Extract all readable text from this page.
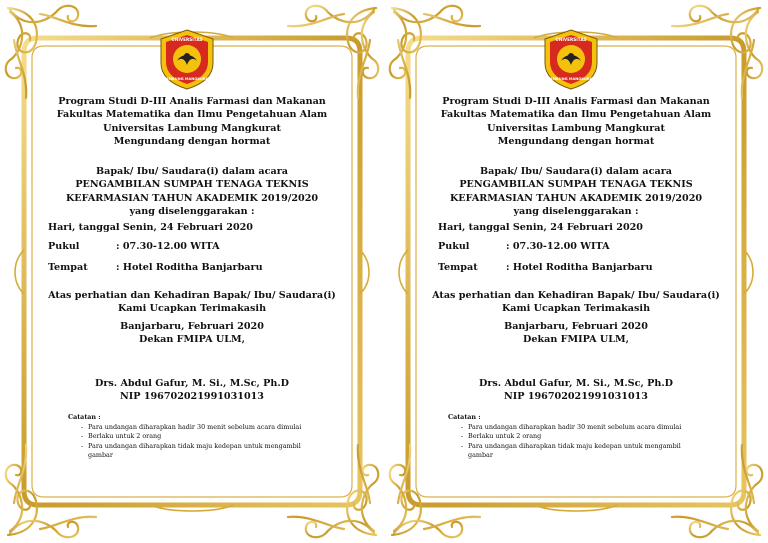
UNIVERSITAS
LAMBUNG MANGKURAT
Program Studi D-III Analis Farmasi dan Makanan
Fakultas Matematika dan Ilmu Pengetahuan Alam
Universitas Lambung Mangkurat
Mengundang dengan hormat
Bapak/ Ibu/ Saudara(i) dalam acara
PENGAMBILAN SUMPAH TENAGA TEKNIS
KEFARMASIAN TAHUN AKADEMIK 2019/2020
yang diselenggarakan :
Hari, tanggal: Senin, 24 Februari 2020
Pukul	: 07.30-12.00 WITA
Tempat	: Hotel Roditha Banjarbaru
Atas perhatian dan Kehadiran Bapak/ Ibu/ Saudara(i)
Kami Ucapkan Terimakasih
Banjarbaru, Februari 2020
Dekan FMIPA ULM,
Drs. Abdul Gafur, M. Si., M.Sc, Ph.D
NIP 196702021991031013
Catatan :
- Para undangan diharapkan hadir 30 menit sebelum acara dimulai
- Berlaku untuk 2 orang
- Para undangan diharapkan tidak maju kedepan untuk mengambil gambar
UNIVERSITAS
LAMBUNG MANGKURAT
Program Studi D-III Analis Farmasi dan Makanan
Fakultas Matematika dan Ilmu Pengetahuan Alam
Universitas Lambung Mangkurat
Mengundang dengan hormat
Bapak/ Ibu/ Saudara(i) dalam acara
PENGAMBILAN SUMPAH TENAGA TEKNIS
KEFARMASIAN TAHUN AKADEMIK 2019/2020
yang diselenggarakan :
Hari, tanggal: Senin, 24 Februari 2020
Pukul	: 07.30-12.00 WITA
Tempat	: Hotel Roditha Banjarbaru
Atas perhatian dan Kehadiran Bapak/ Ibu/ Saudara(i)
Kami Ucapkan Terimakasih
Banjarbaru, Februari 2020
Dekan FMIPA ULM,
Drs. Abdul Gafur, M. Si., M.Sc, Ph.D
NIP 196702021991031013
Catatan :
- Para undangan diharapkan hadir 30 menit sebelum acara dimulai
- Berlaku untuk 2 orang
- Para undangan diharapkan tidak maju kedepan untuk mengambil gambar
